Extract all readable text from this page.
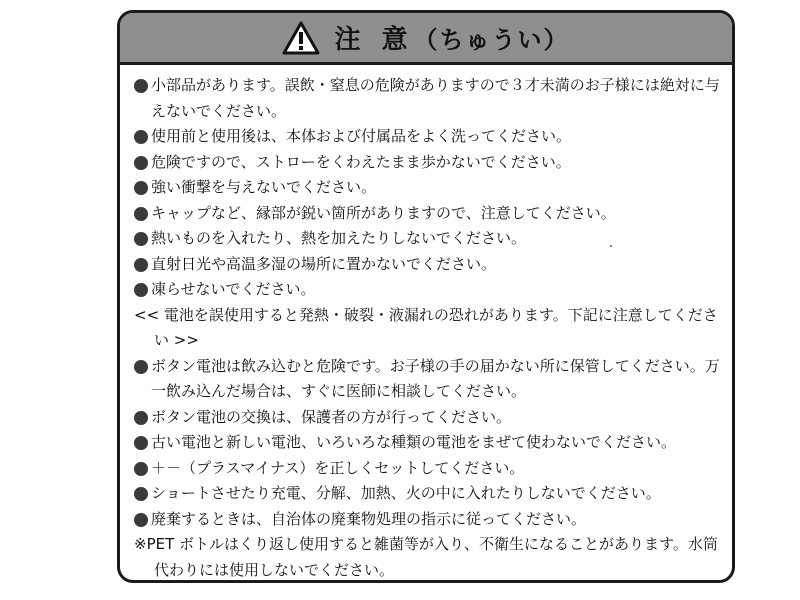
注 意 （ちゅうい）
小部品があります。誤飲・窒息の危険がありますので３才未満のお子様には絶対に与えないでください。
使用前と使用後は、本体および付属品をよく洗ってください。
危険ですので、ストローをくわえたまま歩かないでください。
強い衝撃を与えないでください。
キャップなど、縁部が鋭い箇所がありますので、注意してください。
熱いものを入れたり、熱を加えたりしないでください。
直射日光や高温多湿の場所に置かないでください。
凍らせないでください。
<< 電池を誤使用すると発熱・破裂・液漏れの恐れがあります。下記に注意してください >>
ボタン電池は飲み込むと危険です。お子様の手の届かない所に保管してください。万一飲み込んだ場合は、すぐに医師に相談してください。
ボタン電池の交換は、保護者の方が行ってください。
古い電池と新しい電池、いろいろな種類の電池をまぜて使わないでください。
＋－（プラスマイナス）を正しくセットしてください。
ショートさせたり充電、分解、加熱、火の中に入れたりしないでください。
廃棄するときは、自治体の廃棄物処理の指示に従ってください。
※PET ボトルはくり返し使用すると雑菌等が入り、不衛生になることがあります。水筒代わりには使用しないでください。
